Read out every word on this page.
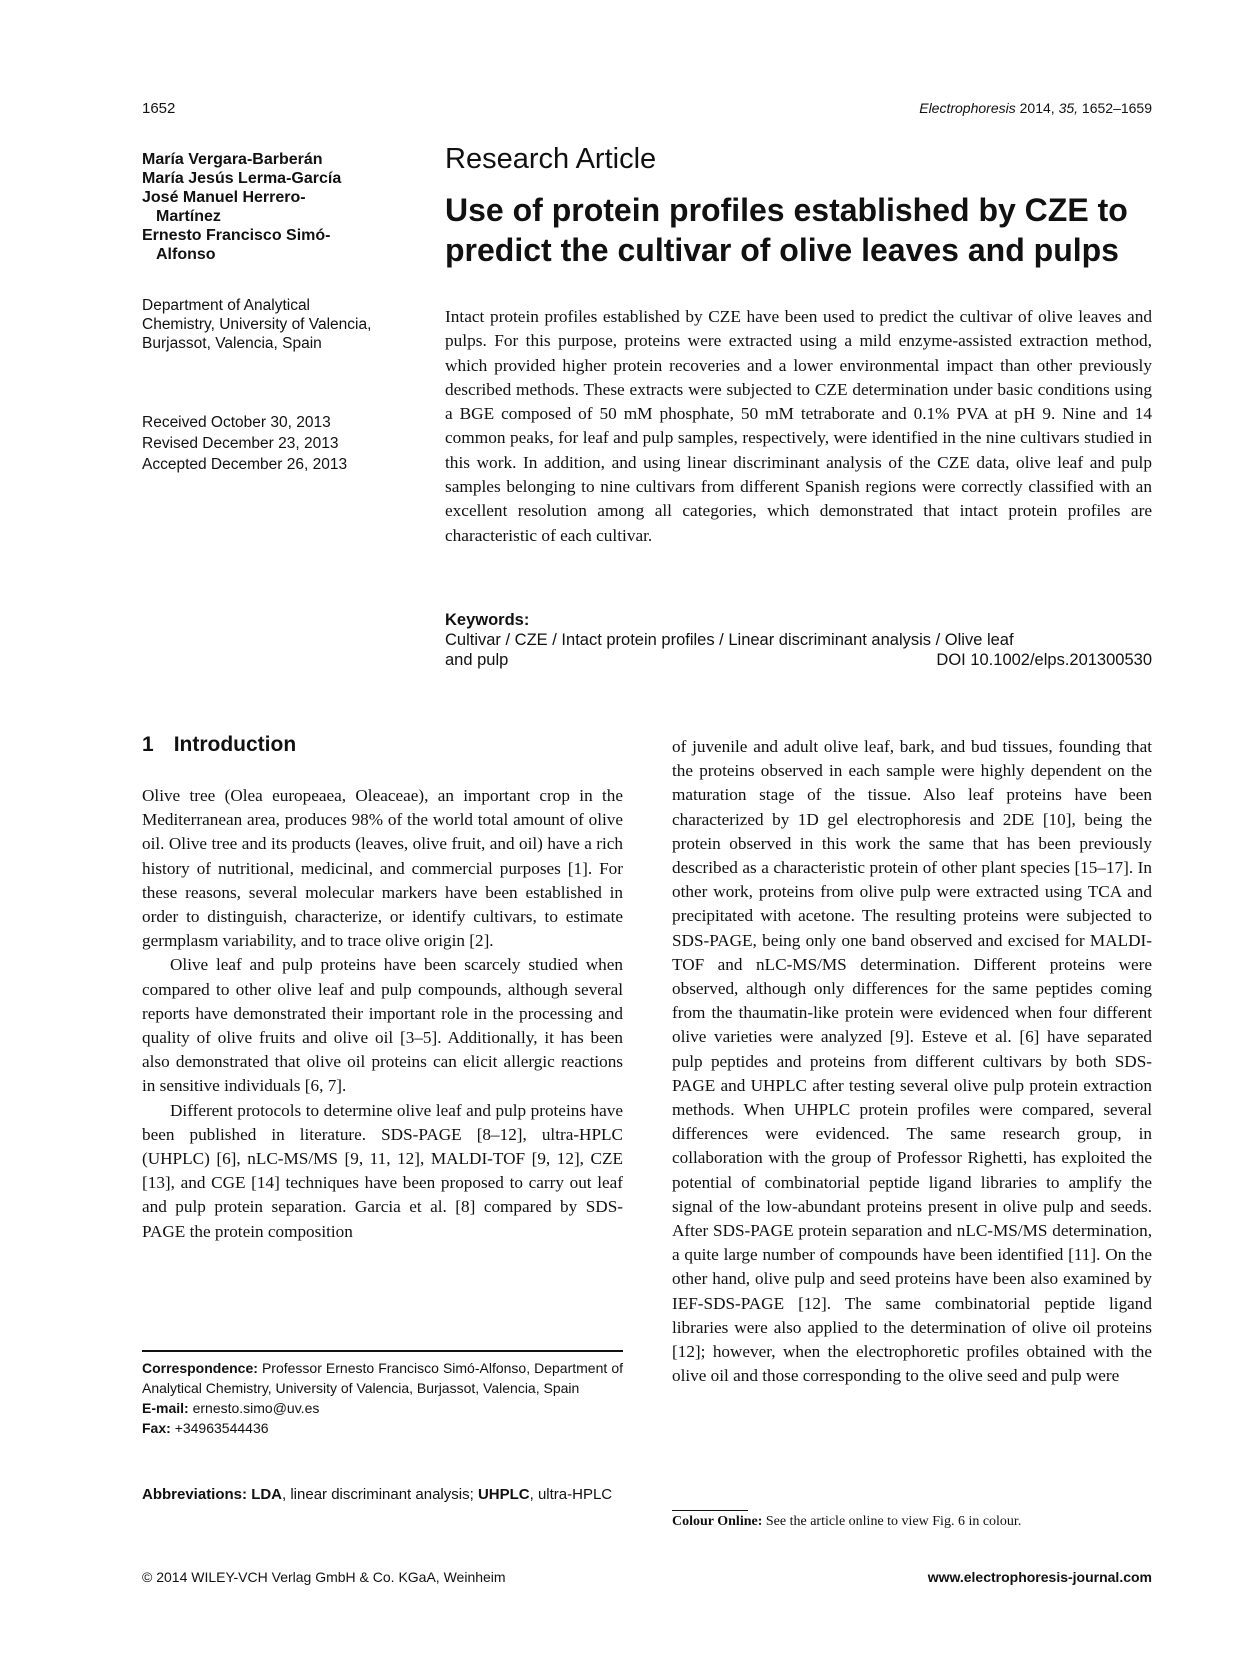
1652	Electrophoresis 2014, 35, 1652–1659
María Vergara-Barberán
María Jesús Lerma-García
José Manuel Herrero-
Martínez
Ernesto Francisco Simó-
Alfonso
Department of Analytical Chemistry, University of Valencia, Burjassot, Valencia, Spain
Received October 30, 2013
Revised December 23, 2013
Accepted December 26, 2013
Research Article
Use of protein profiles established by CZE to predict the cultivar of olive leaves and pulps
Intact protein profiles established by CZE have been used to predict the cultivar of olive leaves and pulps. For this purpose, proteins were extracted using a mild enzyme-assisted extraction method, which provided higher protein recoveries and a lower environmental impact than other previously described methods. These extracts were subjected to CZE determination under basic conditions using a BGE composed of 50 mM phosphate, 50 mM tetraborate and 0.1% PVA at pH 9. Nine and 14 common peaks, for leaf and pulp samples, respectively, were identified in the nine cultivars studied in this work. In addition, and using linear discriminant analysis of the CZE data, olive leaf and pulp samples belonging to nine cultivars from different Spanish regions were correctly classified with an excellent resolution among all categories, which demonstrated that intact protein profiles are characteristic of each cultivar.
Keywords:
Cultivar / CZE / Intact protein profiles / Linear discriminant analysis / Olive leaf
and pulp	DOI 10.1002/elps.201300530
1 Introduction

Olive tree (Olea europeaea, Oleaceae), an important crop in the Mediterranean area, produces 98% of the world total amount of olive oil. Olive tree and its products (leaves, olive fruit, and oil) have a rich history of nutritional, medicinal, and commercial purposes [1]. For these reasons, several molecular markers have been established in order to distinguish, characterize, or identify cultivars, to estimate germplasm variability, and to trace olive origin [2].

Olive leaf and pulp proteins have been scarcely studied when compared to other olive leaf and pulp compounds, although several reports have demonstrated their important role in the processing and quality of olive fruits and olive oil [3–5]. Additionally, it has been also demonstrated that olive oil proteins can elicit allergic reactions in sensitive individuals [6, 7].

Different protocols to determine olive leaf and pulp proteins have been published in literature. SDS-PAGE [8–12], ultra-HPLC (UHPLC) [6], nLC-MS/MS [9, 11, 12], MALDI-TOF [9, 12], CZE [13], and CGE [14] techniques have been proposed to carry out leaf and pulp protein separation. Garcia et al. [8] compared by SDS-PAGE the protein composition

of juvenile and adult olive leaf, bark, and bud tissues, founding that the proteins observed in each sample were highly dependent on the maturation stage of the tissue. Also leaf proteins have been characterized by 1D gel electrophoresis and 2DE [10], being the protein observed in this work the same that has been previously described as a characteristic protein of other plant species [15–17]. In other work, proteins from olive pulp were extracted using TCA and precipitated with acetone. The resulting proteins were subjected to SDS-PAGE, being only one band observed and excised for MALDI-TOF and nLC-MS/MS determination. Different proteins were observed, although only differences for the same peptides coming from the thaumatin-like protein were evidenced when four different olive varieties were analyzed [9]. Esteve et al. [6] have separated pulp peptides and proteins from different cultivars by both SDS-PAGE and UHPLC after testing several olive pulp protein extraction methods. When UHPLC protein profiles were compared, several differences were evidenced. The same research group, in collaboration with the group of Professor Righetti, has exploited the potential of combinatorial peptide ligand libraries to amplify the signal of the low-abundant proteins present in olive pulp and seeds. After SDS-PAGE protein separation and nLC-MS/MS determination, a quite large number of compounds have been identified [11]. On the other hand, olive pulp and seed proteins have been also examined by IEF-SDS-PAGE [12]. The same combinatorial peptide ligand libraries were also applied to the determination of olive oil proteins [12]; however, when the electrophoretic profiles obtained with the olive oil and those corresponding to the olive seed and pulp were

Correspondence: Professor Ernesto Francisco Simó-Alfonso, Department of Analytical Chemistry, University of Valencia, Burjassot, Valencia, Spain
E-mail: ernesto.simo@uv.es
Fax: +34963544436
Abbreviations: LDA, linear discriminant analysis; UHPLC, ultra-HPLC
Colour Online: See the article online to view Fig. 6 in colour.
© 2014 WILEY-VCH Verlag GmbH & Co. KGaA, Weinheim	www.electrophoresis-journal.com
